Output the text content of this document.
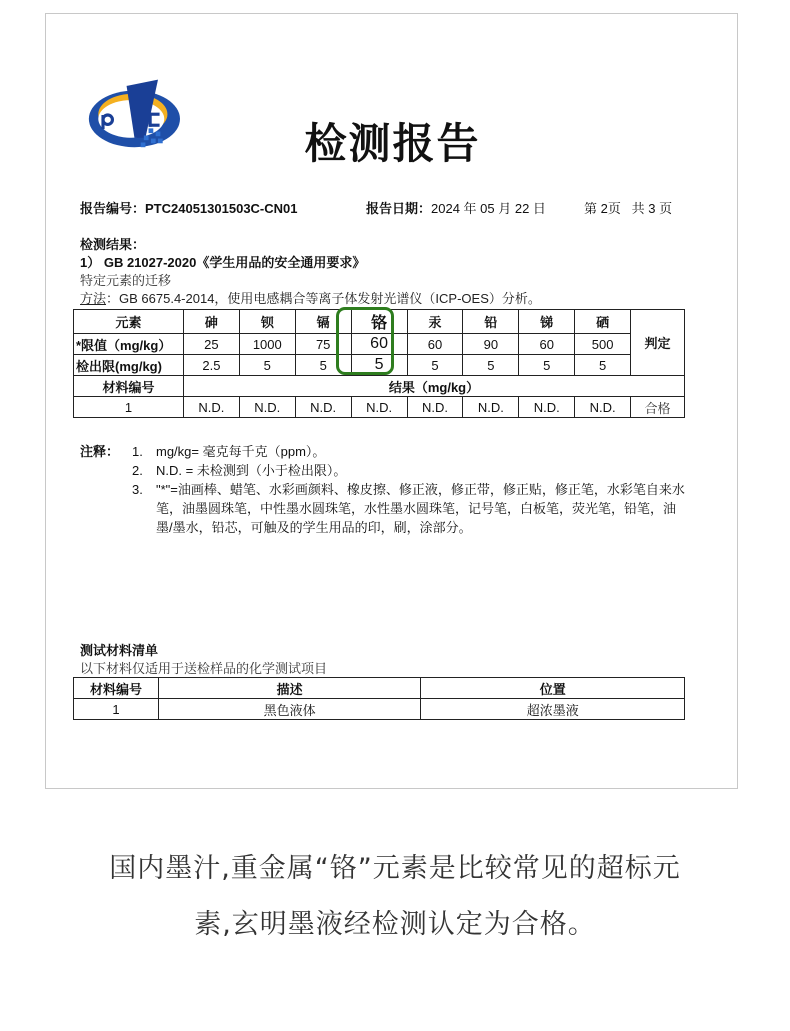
检测报告
报告编号：PTC24051301503C-CN01	报告日期：2024 年 05 月 22 日	第 2页   共 3 页
检测结果：
1） GB 21027-2020《学生用品的安全通用要求》
特定元素的迁移
方法：GB 6675.4-2014，使用电感耦合等离子体发射光谱仪（ICP-OES）分析。
元素	砷	钡	镉	铬	汞	铅	锑	硒	判定
*限值（mg/kg）	25	1000	75	60	60	90	60	500	
检出限(mg/kg)	2.5	5	5	5	5	5	5	5	
材料编号	结果（mg/kg）								
1	N.D.	N.D.	N.D.	N.D.	N.D.	N.D.	N.D.	N.D.	合格
注释： 1. mg/kg= 毫克每千克（ppm）。
2. N.D. = 未检测到（小于检出限）。
3. "*"=油画棒、蜡笔、水彩画颜料、橡皮擦、修正液，修正带，修正贴，修正笔，水彩笔自来水笔，油墨圆珠笔，中性墨水圆珠笔，水性墨水圆珠笔，记号笔，白板笔，荧光笔，铅笔，油墨/墨水，铅芯，可触及的学生用品的印，刷，涂部分。
测试材料清单
以下材料仅适用于送检样品的化学测试项目
材料编号	描述	位置
1	黑色液体	超浓墨液
国内墨汁,重金属“铬”元素是比较常见的超标元
素,玄明墨液经检测认定为合格。
